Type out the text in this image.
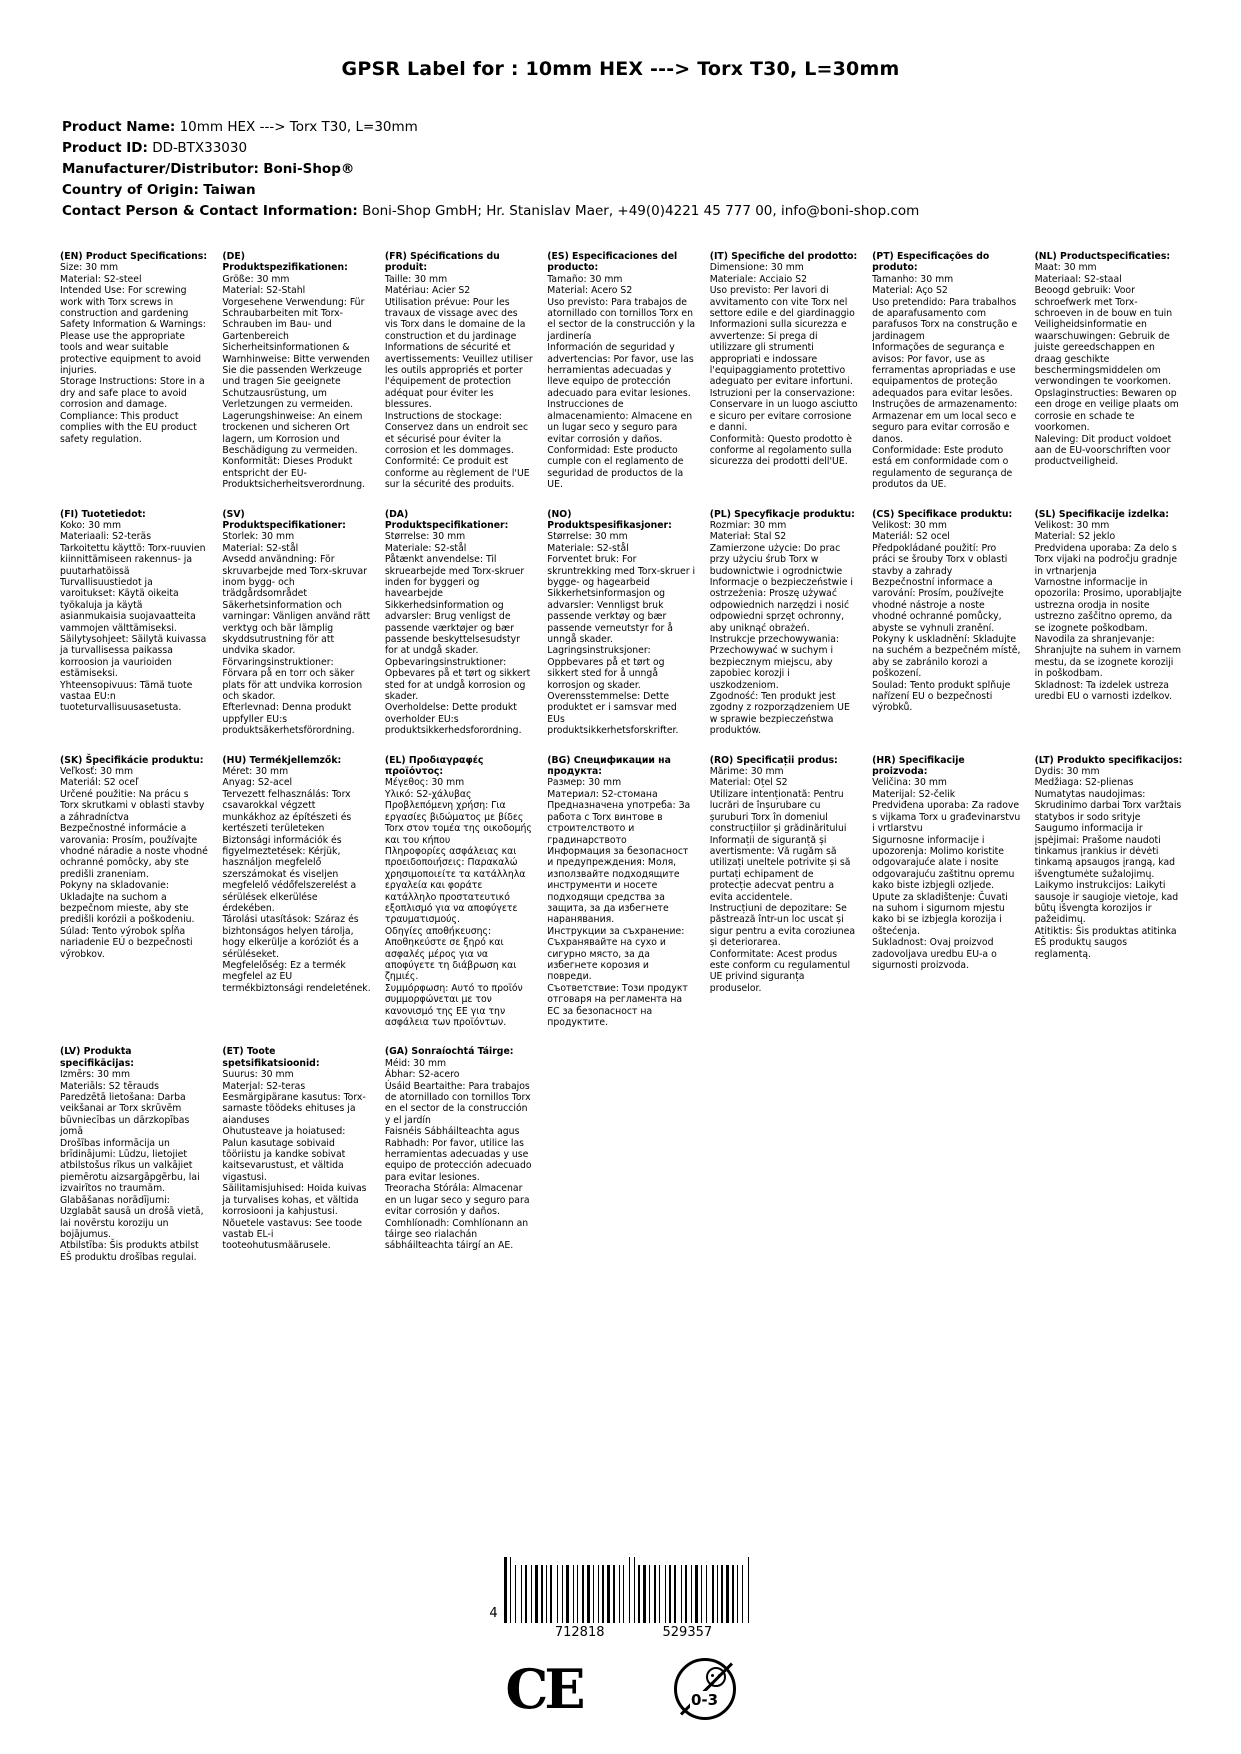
GPSR Label for : 10mm HEX ---> Torx T30, L=30mm
Product Name: 10mm HEX ---> Torx T30, L=30mm
Product ID: DD-BTX33030
Manufacturer/Distributor: Boni-Shop®
Country of Origin: Taiwan
Contact Person & Contact Information: Boni-Shop GmbH; Hr. Stanislav Maer, +49(0)4221 45 777 00, info@boni-shop.com
(EN) Product Specifications:

Size: 30 mm

Material: S2-steel

Intended Use: For screwing work with Torx screws in construction and gardening

Safety Information & Warnings: Please use the appropriate tools and wear suitable protective equipment to avoid injuries.

Storage Instructions: Store in a dry and safe place to avoid corrosion and damage.

Compliance: This product complies with the EU product safety regulation.

(DE) Produktspezifikationen:

Größe: 30 mm

Material: S2-Stahl

Vorgesehene Verwendung: Für Schraubarbeiten mit Torx-Schrauben im Bau- und Gartenbereich

Sicherheitsinformationen & Warnhinweise: Bitte verwenden Sie die passenden Werkzeuge und tragen Sie geeignete Schutzausrüstung, um Verletzungen zu vermeiden.

Lagerungshinweise: An einem trockenen und sicheren Ort lagern, um Korrosion und Beschädigung zu vermeiden.

Konformität: Dieses Produkt entspricht der EU-Produktsicherheitsverordnung.

(FR) Spécifications du produit:

Taille: 30 mm

Matériau: Acier S2

Utilisation prévue: Pour les travaux de vissage avec des vis Torx dans le domaine de la construction et du jardinage

Informations de sécurité et avertissements: Veuillez utiliser les outils appropriés et porter l'équipement de protection adéquat pour éviter les blessures.

Instructions de stockage: Conservez dans un endroit sec et sécurisé pour éviter la corrosion et les dommages.

Conformité: Ce produit est conforme au règlement de l'UE sur la sécurité des produits.

(ES) Especificaciones del producto:

Tamaño: 30 mm

Material: Acero S2

Uso previsto: Para trabajos de atornillado con tornillos Torx en el sector de la construcción y la jardinería

Información de seguridad y advertencias: Por favor, use las herramientas adecuadas y lleve equipo de protección adecuado para evitar lesiones.

Instrucciones de almacenamiento: Almacene en un lugar seco y seguro para evitar corrosión y daños.

Conformidad: Este producto cumple con el reglamento de seguridad de productos de la UE.

(IT) Specifiche del prodotto:

Dimensione: 30 mm

Materiale: Acciaio S2

Uso previsto: Per lavori di avvitamento con vite Torx nel settore edile e del giardinaggio

Informazioni sulla sicurezza e avvertenze: Si prega di utilizzare gli strumenti appropriati e indossare l'equipaggiamento protettivo adeguato per evitare infortuni.

Istruzioni per la conservazione: Conservare in un luogo asciutto e sicuro per evitare corrosione e danni.

Conformità: Questo prodotto è conforme al regolamento sulla sicurezza dei prodotti dell'UE.

(PT) Especificações do produto:

Tamanho: 30 mm

Material: Aço S2

Uso pretendido: Para trabalhos de aparafusamento com parafusos Torx na construção e jardinagem

Informações de segurança e avisos: Por favor, use as ferramentas apropriadas e use equipamentos de proteção adequados para evitar lesões.

Instruções de armazenamento: Armazenar em um local seco e seguro para evitar corrosão e danos.

Conformidade: Este produto está em conformidade com o regulamento de segurança de produtos da UE.

(NL) Productspecificaties:

Maat: 30 mm

Materiaal: S2-staal

Beoogd gebruik: Voor schroefwerk met Torx-schroeven in de bouw en tuin

Veiligheidsinformatie en waarschuwingen: Gebruik de juiste gereedschappen en draag geschikte beschermingsmiddelen om verwondingen te voorkomen.

Opslaginstructies: Bewaren op een droge en veilige plaats om corrosie en schade te voorkomen.

Naleving: Dit product voldoet aan de EU-voorschriften voor productveiligheid.

(FI) Tuotetiedot:

Koko: 30 mm

Materiaali: S2-teräs

Tarkoitettu käyttö: Torx-ruuvien kiinnittämiseen rakennus- ja puutarhatöissä

Turvallisuustiedot ja varoitukset: Käytä oikeita työkaluja ja käytä asianmukaisia suojavaatteita vammojen välttämiseksi.

Säilytysohjeet: Säilytä kuivassa ja turvallisessa paikassa korroosion ja vaurioiden estämiseksi.

Yhteensopivuus: Tämä tuote vastaa EU:n tuoteturvallisuusasetusta.

(SV) Produktspecifikationer:

Storlek: 30 mm

Material: S2-stål

Avsedd användning: För skruvarbejde med Torx-skruvar inom bygg- och trädgårdsområdet

Säkerhetsinformation och varningar: Vänligen använd rätt verktyg och bär lämplig skyddsutrustning för att undvika skador.

Förvaringsinstruktioner: Förvara på en torr och säker plats för att undvika korrosion och skador.

Efterlevnad: Denna produkt uppfyller EU:s produktsäkerhetsförordning.

(DA) Produktspecifikationer:

Størrelse: 30 mm

Materiale: S2-stål

Påtænkt anvendelse: Til skruearbejde med Torx-skruer inden for byggeri og havearbejde

Sikkerhedsinformation og advarsler: Brug venligst de passende værktøjer og bær passende beskyttelsesudstyr for at undgå skader.

Opbevaringsinstruktioner: Opbevares på et tørt og sikkert sted for at undgå korrosion og skader.

Overholdelse: Dette produkt overholder EU:s produktsikkerhedsforordning.

(NO) Produktspesifikasjoner:

Størrelse: 30 mm

Materiale: S2-stål

Forventet bruk: For skruntrekking med Torx-skruer i bygge- og hagearbeid

Sikkerhetsinformasjon og advarsler: Vennligst bruk passende verktøy og bær passende verneutstyr for å unngå skader.

Lagringsinstruksjoner: Oppbevares på et tørt og sikkert sted for å unngå korrosjon og skader.

Overensstemmelse: Dette produktet er i samsvar med EUs produktsikkerhetsforskrifter.

(PL) Specyfikacje produktu:

Rozmiar: 30 mm

Materiał: Stal S2

Zamierzone użycie: Do prac przy użyciu śrub Torx w budownictwie i ogrodnictwie

Informacje o bezpieczeństwie i ostrzeżenia: Proszę używać odpowiednich narzędzi i nosić odpowiedni sprzęt ochronny, aby uniknąć obrażeń.

Instrukcje przechowywania: Przechowywać w suchym i bezpiecznym miejscu, aby zapobiec korozji i uszkodzeniom.

Zgodność: Ten produkt jest zgodny z rozporządzeniem UE w sprawie bezpieczeństwa produktów.

(CS) Specifikace produktu:

Velikost: 30 mm

Materiál: S2 ocel

Předpokládané použití: Pro práci se šrouby Torx v oblasti stavby a zahrady

Bezpečnostní informace a varování: Prosím, používejte vhodné nástroje a noste vhodné ochranné pomůcky, abyste se vyhnuli zranění.

Pokyny k uskladnění: Skladujte na suchém a bezpečném místě, aby se zabránilo korozi a poškození.

Soulad: Tento produkt splňuje nařízení EU o bezpečnosti výrobků.

(SL) Specifikacije izdelka:

Velikost: 30 mm

Material: S2 jeklo

Predvidena uporaba: Za delo s Torx vijaki na področju gradnje in vrtnarjenja

Varnostne informacije in opozorila: Prosimo, uporabljajte ustrezna orodja in nosite ustrezno zaščitno opremo, da se izognete poškodbam.

Navodila za shranjevanje: Shranjujte na suhem in varnem mestu, da se izognete koroziji in poškodbam.

Skladnost: Ta izdelek ustreza uredbi EU o varnosti izdelkov.

(SK) Špecifikácie produktu:

Veľkosť: 30 mm

Materiál: S2 oceľ

Určené použitie: Na prácu s Torx skrutkami v oblasti stavby a záhradníctva

Bezpečnostné informácie a varovania: Prosím, používajte vhodné náradie a noste vhodné ochranné pomôcky, aby ste predišli zraneniam.

Pokyny na skladovanie: Ukladajte na suchom a bezpečnom mieste, aby ste predišli korózii a poškodeniu.

Súlad: Tento výrobok spĺňa nariadenie EÚ o bezpečnosti výrobkov.

(HU) Termékjellemzők:

Méret: 30 mm

Anyag: S2-acel

Tervezett felhasználás: Torx csavarokkal végzett munkákhoz az építészeti és kertészeti területeken

Biztonsági információk és figyelmeztetések: Kérjük, használjon megfelelő szerszámokat és viseljen megfelelő védőfelszerelést a sérülések elkerülése érdekében.

Tárolási utasítások: Száraz és bizhtonságos helyen tárolja, hogy elkerülje a koróziót és a sérüléseket.

Megfelelőség: Ez a termék megfelel az EU termékbiztonsági rendeletének.

(EL) Προδιαγραφές προϊόντος:

Μέγεθος: 30 mm

Υλικό: S2-χάλυβας

Προβλεπόμενη χρήση: Για εργασίες βιδώματος με βίδες Torx στον τομέα της οικοδομής και του κήπου

Πληροφορίες ασφάλειας και προειδοποιήσεις: Παρακαλώ χρησιμοποιείτε τα κατάλληλα εργαλεία και φοράτε κατάλληλο προστατευτικό εξοπλισμό για να αποφύγετε τραυματισμούς.

Οδηγίες αποθήκευσης: Αποθηκεύστε σε ξηρό και ασφαλές μέρος για να αποφύγετε τη διάβρωση και ζημιές.

Συμμόρφωση: Αυτό το προϊόν συμμορφώνεται με τον κανονισμό της ΕΕ για την ασφάλεια των προϊόντων.

(BG) Спецификации на продукта:

Размер: 30 mm

Материал: S2-стомана

Предназначена употреба: За работа с Torx винтове в строителството и градинарството

Информация за безопасност и предупреждения: Моля, използвайте подходящите инструменти и носете подходящи средства за защита, за да избегнете наранявания.

Инструкции за съхранение: Съхранявайте на сухо и сигурно място, за да избегнете корозия и повреди.

Съответствие: Този продукт отговаря на регламента на ЕС за безопасност на продуктите.

(RO) Specificații produs:

Mărime: 30 mm

Material: Oțel S2

Utilizare intenționată: Pentru lucrări de înșurubare cu șuruburi Torx în domeniul construcțiilor și grădinăritului

Informații de siguranță și avertismente: Vă rugăm să utilizați uneltele potrivite și să purtați echipament de protecție adecvat pentru a evita accidentele.

Instrucțiuni de depozitare: Se păstrează într-un loc uscat și sigur pentru a evita coroziunea și deteriorarea.

Conformitate: Acest produs este conform cu regulamentul UE privind siguranța produselor.

(HR) Specifikacije proizvoda:

Veličina: 30 mm

Materijal: S2-čelik

Predviđena uporaba: Za radove s vijkama Torx u građevinarstvu i vrtlarstvu

Sigurnosne informacije i upozorenja: Molimo koristite odgovarajuće alate i nosite odgovarajuću zaštitnu opremu kako biste izbjegli ozljede.

Upute za skladištenje: Čuvati na suhom i sigurnom mjestu kako bi se izbjegla korozija i oštećenja.

Sukladnost: Ovaj proizvod zadovoljava uredbu EU-a o sigurnosti proizvoda.

(LT) Produkto specifikacijos:

Dydis: 30 mm

Medžiaga: S2-plienas

Numatytas naudojimas: Skrudinimo darbai Torx varžtais statybos ir sodo srityje

Saugumo informacija ir įspėjimai: Prašome naudoti tinkamus įrankius ir dėvėti tinkamą apsaugos įrangą, kad išvengtumėte sužalojimų.

Laikymo instrukcijos: Laikyti sausoje ir saugioje vietoje, kad būtų išvengta korozijos ir pažeidimų.

Atitiktis: Šis produktas atitinka EŠ produktų saugos reglamentą.

(LV) Produkta specifikācijas:

Izmērs: 30 mm

Materiāls: S2 tērauds

Paredzētā lietošana: Darba veikšanai ar Torx skrūvēm būvniecības un dārzkopības jomā

Drošības informācija un brīdinājumi: Lūdzu, lietojiet atbilstošus rīkus un valkājiet piemērotu aizsargāpgērbu, lai izvairītos no traumām.

Glabāšanas norādījumi: Uzglabāt sausā un drošā vietā, lai novērstu koroziju un bojājumus.

Atbilstība: Šis produkts atbilst EŠ produktu drošības regulai.

(ET) Toote spetsifikatsioonid:

Suurus: 30 mm

Materjal: S2-teras

Eesmärgipärane kasutus: Torx-sarnaste töödeks ehituses ja aianduses

Ohutusteave ja hoiatused: Palun kasutage sobivaid tööriistu ja kandke sobivat kaitsevarustust, et vältida vigastusi.

Säilitamisjuhised: Hoida kuivas ja turvalises kohas, et vältida korrosiooni ja kahjustusi.

Nõuetele vastavus: See toode vastab EL-i tooteohutusmäärusele.

(GA) Sonraíochtá Táirge:

Méid: 30 mm

Ábhar: S2-acero

Úsáid Beartaithe: Para trabajos de atornillado con tornillos Torx en el sector de la construcción y el jardín

Faisnéis Sábháilteachta agus Rabhadh: Por favor, utilice las herramientas adecuadas y use equipo de protección adecuado para evitar lesiones.

Treoracha Stórála: Almacenar en un lugar seco y seguro para evitar corrosión y daños.

Comhlíonadh: Comhlíonann an táirge seo rialachán sábháilteachta táirgí an AE.

4
712818	529357
CE	0-3
